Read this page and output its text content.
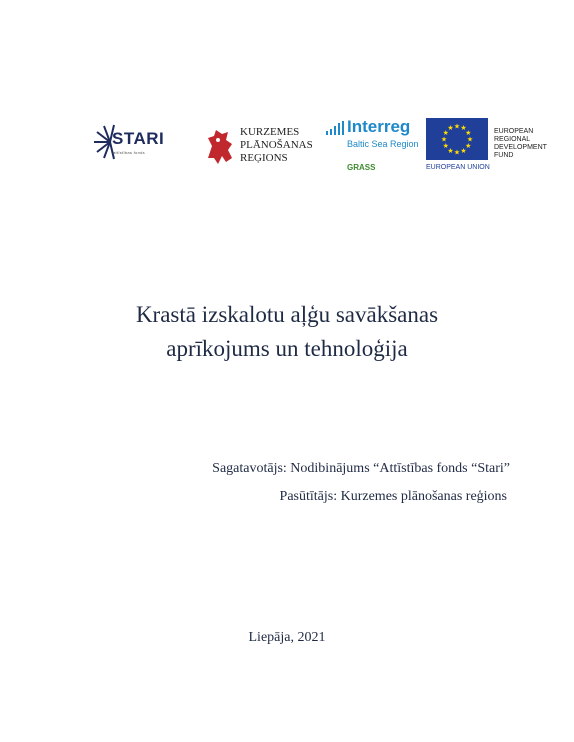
STARI
attīstības fonds
KURZEMES
PLĀNOŠANAS
REĢIONS
Interreg
Baltic Sea Region
GRASS
★ ★
★
★
★
★
★
★
★
★
★
★
EUROPEAN UNION
EUROPEAN
REGIONAL
DEVELOPMENT
FUND
Krastā izskalotu aļģu savākšanas
aprīkojums un tehnoloģija
Sagatavotājs: Nodibinājums “Attīstības fonds “Stari”
Pasūtītājs: Kurzemes plānošanas reģions
Liepāja, 2021
